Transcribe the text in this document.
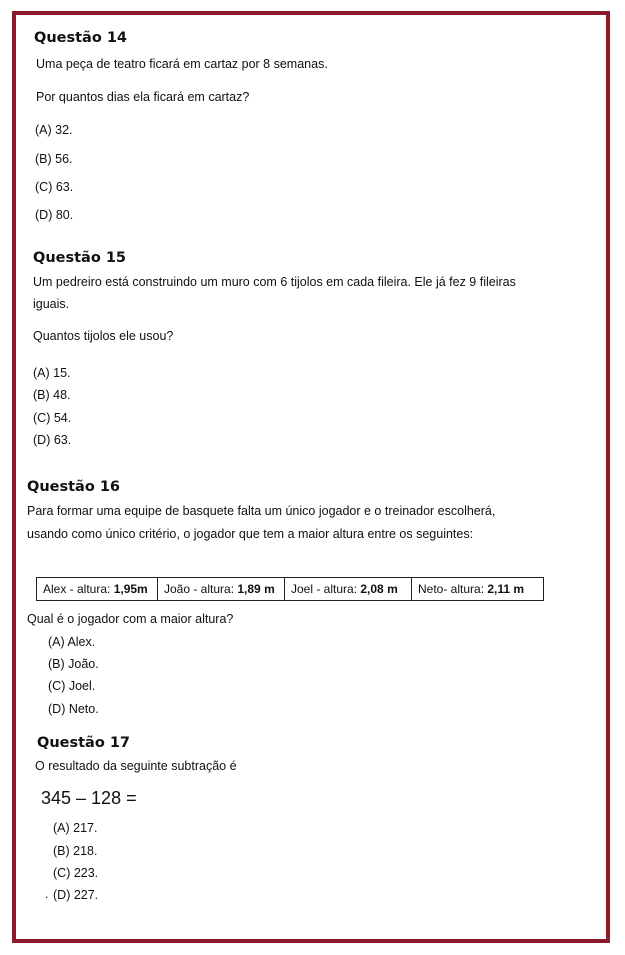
Questão 14
Uma peça de teatro ficará em cartaz por 8 semanas.
Por quantos dias ela ficará em cartaz?
(A) 32.
(B) 56.
(C) 63.
(D) 80.
Questão 15
Um pedreiro está construindo um muro com 6 tijolos em cada fileira. Ele já fez 9 fileiras
iguais.
Quantos tijolos ele usou?
(A) 15.
(B) 48.
(C) 54.
(D) 63.
Questão 16
Para formar uma equipe de basquete falta um único jogador e o treinador escolherá,
usando como único critério, o jogador que tem a maior altura entre os seguintes:
Alex - altura: 1,95m	João - altura: 1,89 m	Joel - altura: 2,08 m	Neto- altura: 2,11 m
Qual é o jogador com a maior altura?
(A) Alex.
(B) João.
(C) Joel.
(D) Neto.
Questão 17
O resultado da seguinte subtração é
345 – 128 =
(A) 217.
(B) 218.
(C) 223.
. (D) 227.
